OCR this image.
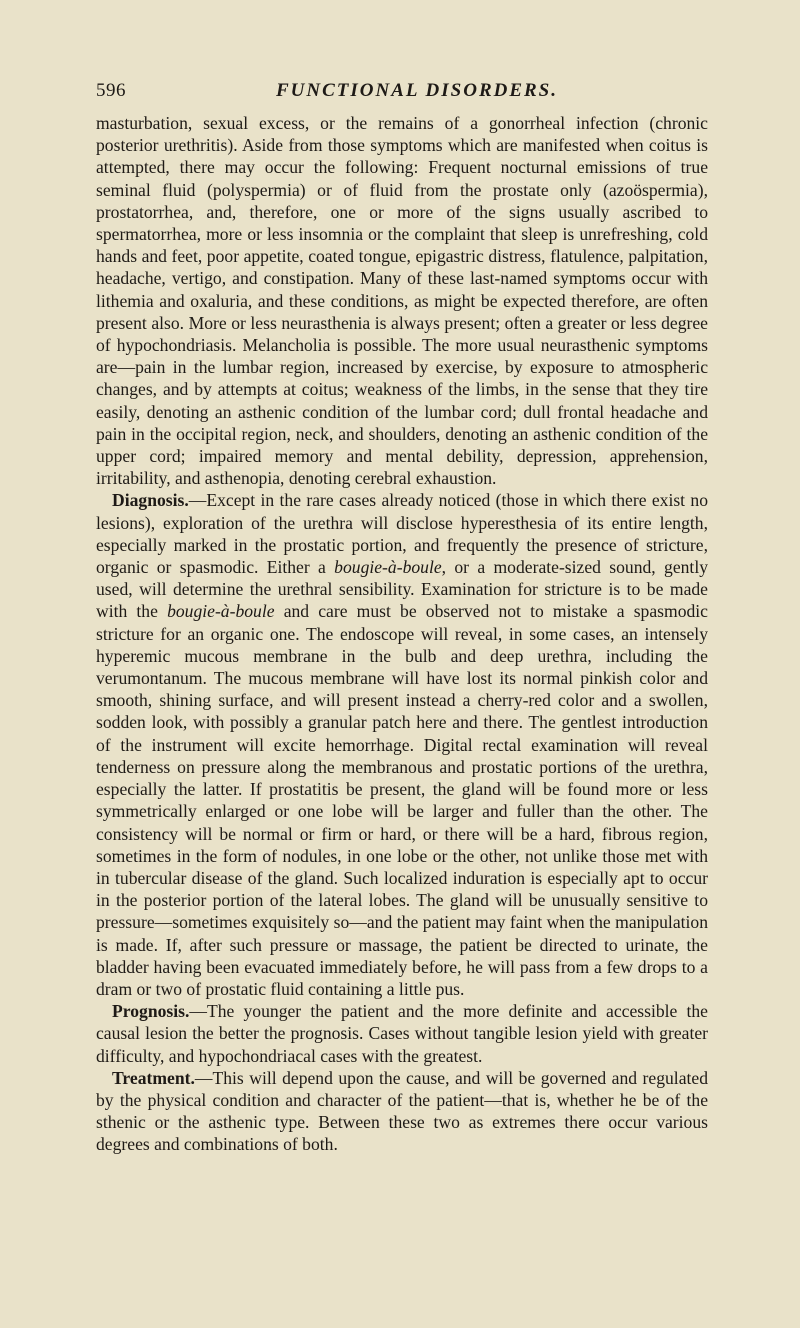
596	FUNCTIONAL DISORDERS.

masturbation, sexual excess, or the remains of a gonorrheal infection (chronic posterior urethritis). Aside from those symptoms which are manifested when coitus is attempted, there may occur the following: Frequent nocturnal emissions of true seminal fluid (polyspermia) or of fluid from the prostate only (azoöspermia), prostatorrhea, and, therefore, one or more of the signs usually ascribed to spermatorrhea, more or less insomnia or the complaint that sleep is unrefreshing, cold hands and feet, poor appetite, coated tongue, epigastric distress, flatulence, palpitation, headache, vertigo, and constipation. Many of these last-named symptoms occur with lithemia and oxaluria, and these conditions, as might be expected therefore, are often present also. More or less neurasthenia is always present; often a greater or less degree of hypochondriasis. Melancholia is possible. The more usual neurasthenic symptoms are—pain in the lumbar region, increased by exercise, by exposure to atmospheric changes, and by attempts at coitus; weakness of the limbs, in the sense that they tire easily, denoting an asthenic condition of the lumbar cord; dull frontal headache and pain in the occipital region, neck, and shoulders, denoting an asthenic condition of the upper cord; impaired memory and mental debility, depression, apprehension, irritability, and asthenopia, denoting cerebral exhaustion.

Diagnosis.—Except in the rare cases already noticed (those in which there exist no lesions), exploration of the urethra will disclose hyperesthesia of its entire length, especially marked in the prostatic portion, and frequently the presence of stricture, organic or spasmodic. Either a bougie-à-boule, or a moderate-sized sound, gently used, will determine the urethral sensibility. Examination for stricture is to be made with the bougie-à-boule and care must be observed not to mistake a spasmodic stricture for an organic one. The endoscope will reveal, in some cases, an intensely hyperemic mucous membrane in the bulb and deep urethra, including the verumontanum. The mucous membrane will have lost its normal pinkish color and smooth, shining surface, and will present instead a cherry-red color and a swollen, sodden look, with possibly a granular patch here and there. The gentlest introduction of the instrument will excite hemorrhage. Digital rectal examination will reveal tenderness on pressure along the membranous and prostatic portions of the urethra, especially the latter. If prostatitis be present, the gland will be found more or less symmetrically enlarged or one lobe will be larger and fuller than the other. The consistency will be normal or firm or hard, or there will be a hard, fibrous region, sometimes in the form of nodules, in one lobe or the other, not unlike those met with in tubercular disease of the gland. Such localized induration is especially apt to occur in the posterior portion of the lateral lobes. The gland will be unusually sensitive to pressure—sometimes exquisitely so—and the patient may faint when the manipulation is made. If, after such pressure or massage, the patient be directed to urinate, the bladder having been evacuated immediately before, he will pass from a few drops to a dram or two of prostatic fluid containing a little pus.

Prognosis.—The younger the patient and the more definite and accessible the causal lesion the better the prognosis. Cases without tangible lesion yield with greater difficulty, and hypochondriacal cases with the greatest.

Treatment.—This will depend upon the cause, and will be governed and regulated by the physical condition and character of the patient—that is, whether he be of the sthenic or the asthenic type. Between these two as extremes there occur various degrees and combinations of both.
